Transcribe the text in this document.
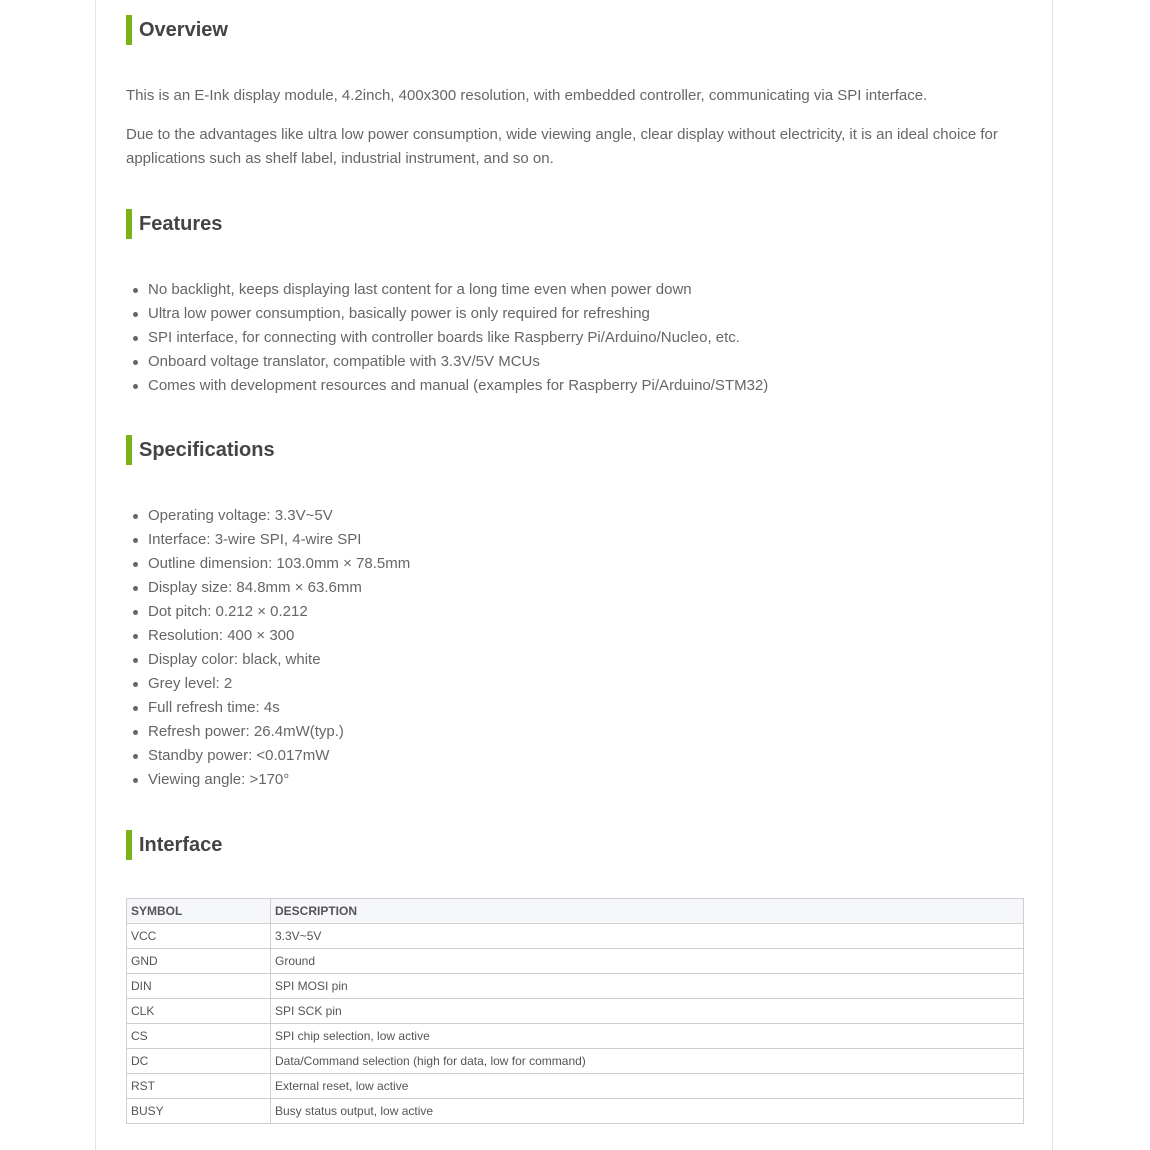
Overview

This is an E-Ink display module, 4.2inch, 400x300 resolution, with embedded controller, communicating via SPI interface.

Due to the advantages like ultra low power consumption, wide viewing angle, clear display without electricity, it is an ideal choice for applications such as shelf label, industrial instrument, and so on.

Features
No backlight, keeps displaying last content for a long time even when power down
Ultra low power consumption, basically power is only required for refreshing
SPI interface, for connecting with controller boards like Raspberry Pi/Arduino/Nucleo, etc.
Onboard voltage translator, compatible with 3.3V/5V MCUs
Comes with development resources and manual (examples for Raspberry Pi/Arduino/STM32)
Specifications
Operating voltage: 3.3V~5V
Interface: 3-wire SPI, 4-wire SPI
Outline dimension: 103.0mm × 78.5mm
Display size: 84.8mm × 63.6mm
Dot pitch: 0.212 × 0.212
Resolution: 400 × 300
Display color: black, white
Grey level: 2
Full refresh time: 4s
Refresh power: 26.4mW(typ.)
Standby power: <0.017mW
Viewing angle: >170°
Interface
SYMBOL	DESCRIPTION
VCC	3.3V~5V
GND	Ground
DIN	SPI MOSI pin
CLK	SPI SCK pin
CS	SPI chip selection, low active
DC	Data/Command selection (high for data, low for command)
RST	External reset, low active
BUSY	Busy status output, low active
